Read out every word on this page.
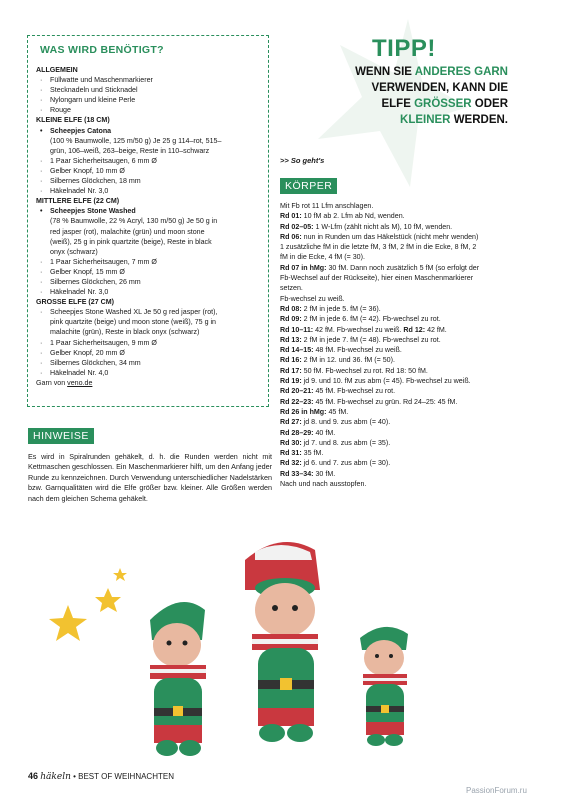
WAS WIRD BENÖTIGT?
ALLGEMEIN
· Füllwatte und Maschenmarkierer
· Stecknadeln und Sticknadel
· Nylongarn und kleine Perle
· Rouge
KLEINE ELFE (18 CM)
• Scheepjes Catona
(100 % Baumwolle, 125 m/50 g) Je 25 g 114–rot, 515–
grün, 106–weiß, 263–beige, Reste in 110–schwarz
· 1 Paar Sicherheitsaugen, 6 mm Ø
· Gelber Knopf, 10 mm Ø
· Silbernes Glöckchen, 18 mm
· Häkelnadel Nr. 3,0
MITTLERE ELFE (22 CM)
• Scheepjes Stone Washed
(78 % Baumwolle, 22 % Acryl, 130 m/50 g) Je 50 g in
red jasper (rot), malachite (grün) und moon stone
(weiß), 25 g in pink quartzite (beige), Reste in black
onyx (schwarz)
· 1 Paar Sicherheitsaugen, 7 mm Ø
· Gelber Knopf, 15 mm Ø
· Silbernes Glöckchen, 26 mm
· Häkelnadel Nr. 3,0
GROSSE ELFE (27 CM)
· Scheepjes Stone Washed XL Je 50 g red jasper (rot),
pink quartzite (beige) und moon stone (weiß), 75 g in
malachite (grün), Reste in black onyx (schwarz)
· 1 Paar Sicherheitsaugen, 9 mm Ø
· Gelber Knopf, 20 mm Ø
· Silbernes Glöckchen, 34 mm
· Häkelnadel Nr. 4,0
Garn von veno.de
HINWEISE
Es wird in Spiralrunden gehäkelt, d. h. die Runden werden nicht mit Kettmaschen geschlossen. Ein Maschenmarkierer hilft, um den Anfang jeder Runde zu kennzeichnen. Durch Verwendung unterschiedlicher Nadelstärken bzw. Garnqualitäten wird die Elfe größer bzw. kleiner. Alle Größen werden nach dem gleichen Schema gehäkelt.
TIPP!
WENN SIE ANDERES GARN
VERWENDEN, KANN DIE
ELFE GRÖSSER ODER
KLEINER WERDEN.
>> So geht's
KÖRPER
Mit Fb rot 11 Lfm anschlagen.
Rd 01: 10 fM ab 2. Lfm ab Nd, wenden.
Rd 02–05: 1 W-Lfm (zählt nicht als M), 10 fM, wenden.
Rd 06: nun in Runden um das Häkelstück (nicht mehr wenden)
1 zusätzliche fM in die letzte fM, 3 fM, 2 fM in die Ecke, 8 fM, 2
fM in die Ecke, 4 fM (= 30).
Rd 07 in hMg: 30 fM. Dann noch zusätzlich 5 fM (so erfolgt der
Fb-Wechsel auf der Rückseite), hier einen Maschenmarkierer
setzen.
Fb-wechsel zu weiß.
Rd 08: 2 fM in jede 5. fM (= 36).
Rd 09: 2 fM in jede 6. fM (= 42). Fb-wechsel zu rot.
Rd 10–11: 42 fM. Fb-wechsel zu weiß. Rd 12: 42 fM.
Rd 13: 2 fM in jede 7. fM (= 48). Fb-wechsel zu rot.
Rd 14–15: 48 fM. Fb-wechsel zu weiß.
Rd 16: 2 fM in 12. und 36. fM (= 50).
Rd 17: 50 fM. Fb-wechsel zu rot. Rd 18: 50 fM.
Rd 19: jd 9. und 10. fM zus abm (= 45). Fb-wechsel zu weiß.
Rd 20–21: 45 fM. Fb-wechsel zu rot.
Rd 22–23: 45 fM. Fb-wechsel zu grün. Rd 24–25: 45 fM.
Rd 26 in hMg: 45 fM.
Rd 27: jd 8. und 9. zus abm (= 40).
Rd 28–29: 40 fM.
Rd 30: jd 7. und 8. zus abm (= 35).
Rd 31: 35 fM.
Rd 32: jd 6. und 7. zus abm (= 30).
Rd 33–34: 30 fM.
Nach und nach ausstopfen.
46 häkeln • BEST OF WEIHNACHTEN
PassionForum.ru
